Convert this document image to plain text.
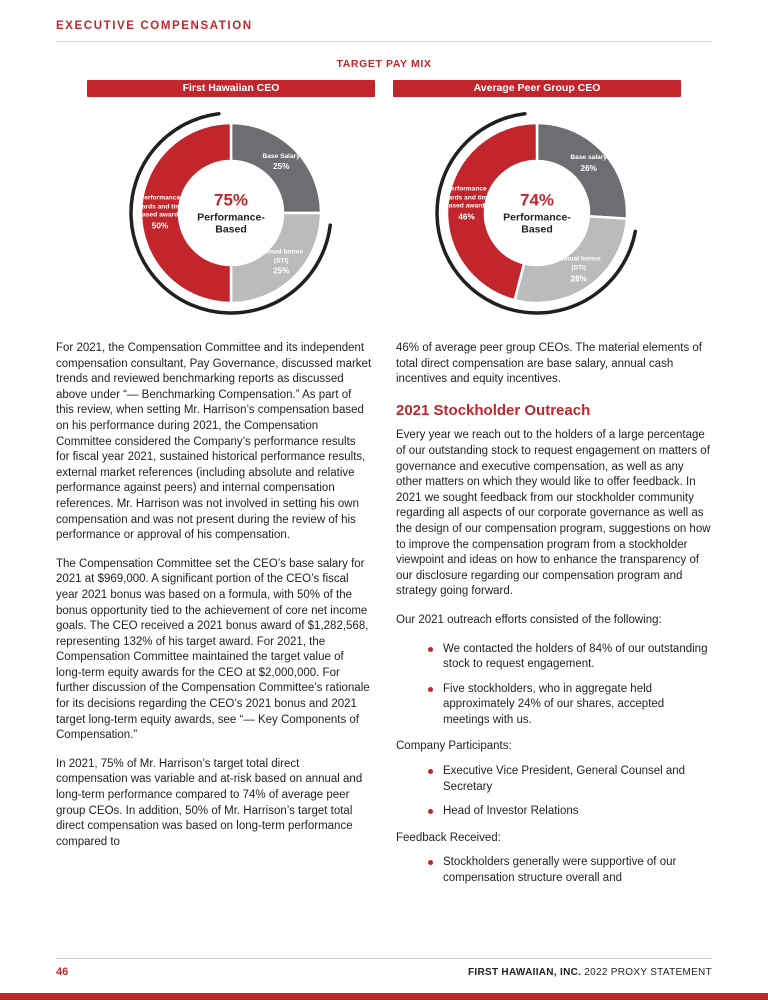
EXECUTIVE COMPENSATION
TARGET PAY MIX
First Hawaiian CEO
Base Salary
25%
Annual bonus (STI)
25%
Performance awards and time-based awards
50%
75%
Performance-Based
Average Peer Group CEO
Base salary
26%
Annual bonus (STI)
28%
Performance awards and time-based awards
46%
74%
Performance-Based

For 2021, the Compensation Committee and its independent compensation consultant, Pay Governance, discussed market trends and reviewed benchmarking reports as discussed above under “— Benchmarking Compensation.” As part of this review, when setting Mr. Harrison’s compensation based on his performance during 2021, the Compensation Committee considered the Company’s performance results for fiscal year 2021, sustained historical performance results, external market references (including absolute and relative performance against peers) and internal compensation references. Mr. Harrison was not involved in setting his own compensation and was not present during the review of his performance or approval of his compensation.

The Compensation Committee set the CEO’s base salary for 2021 at $969,000. A significant portion of the CEO’s fiscal year 2021 bonus was based on a formula, with 50% of the bonus opportunity tied to the achievement of core net income goals. The CEO received a 2021 bonus award of $1,282,568, representing 132% of his target award. For 2021, the Compensation Committee maintained the target value of long-term equity awards for the CEO at $2,000,000. For further discussion of the Compensation Committee’s rationale for its decisions regarding the CEO’s 2021 bonus and 2021 target long-term equity awards, see “— Key Components of Compensation.”

In 2021, 75% of Mr. Harrison’s target total direct compensation was variable and at-risk based on annual and long-term performance compared to 74% of average peer group CEOs. In addition, 50% of Mr. Harrison’s target total direct compensation was based on long-term performance compared to

46% of average peer group CEOs. The material elements of total direct compensation are base salary, annual cash incentives and equity incentives.

2021 Stockholder Outreach

Every year we reach out to the holders of a large percentage of our outstanding stock to request engagement on matters of governance and executive compensation, as well as any other matters on which they would like to offer feedback. In 2021 we sought feedback from our stockholder community regarding all aspects of our corporate governance as well as the design of our compensation program, suggestions on how to improve the compensation program from a stockholder viewpoint and ideas on how to enhance the transparency of our disclosure regarding our compensation program and strategy going forward.

Our 2021 outreach efforts consisted of the following:

We contacted the holders of 84% of our outstanding stock to request engagement.
Five stockholders, who in aggregate held approximately 24% of our shares, accepted meetings with us.

Company Participants:

Executive Vice President, General Counsel and Secretary
Head of Investor Relations

Feedback Received:

Stockholders generally were supportive of our compensation structure overall and
46	FIRST HAWAIIAN, INC. 2022 PROXY STATEMENT
